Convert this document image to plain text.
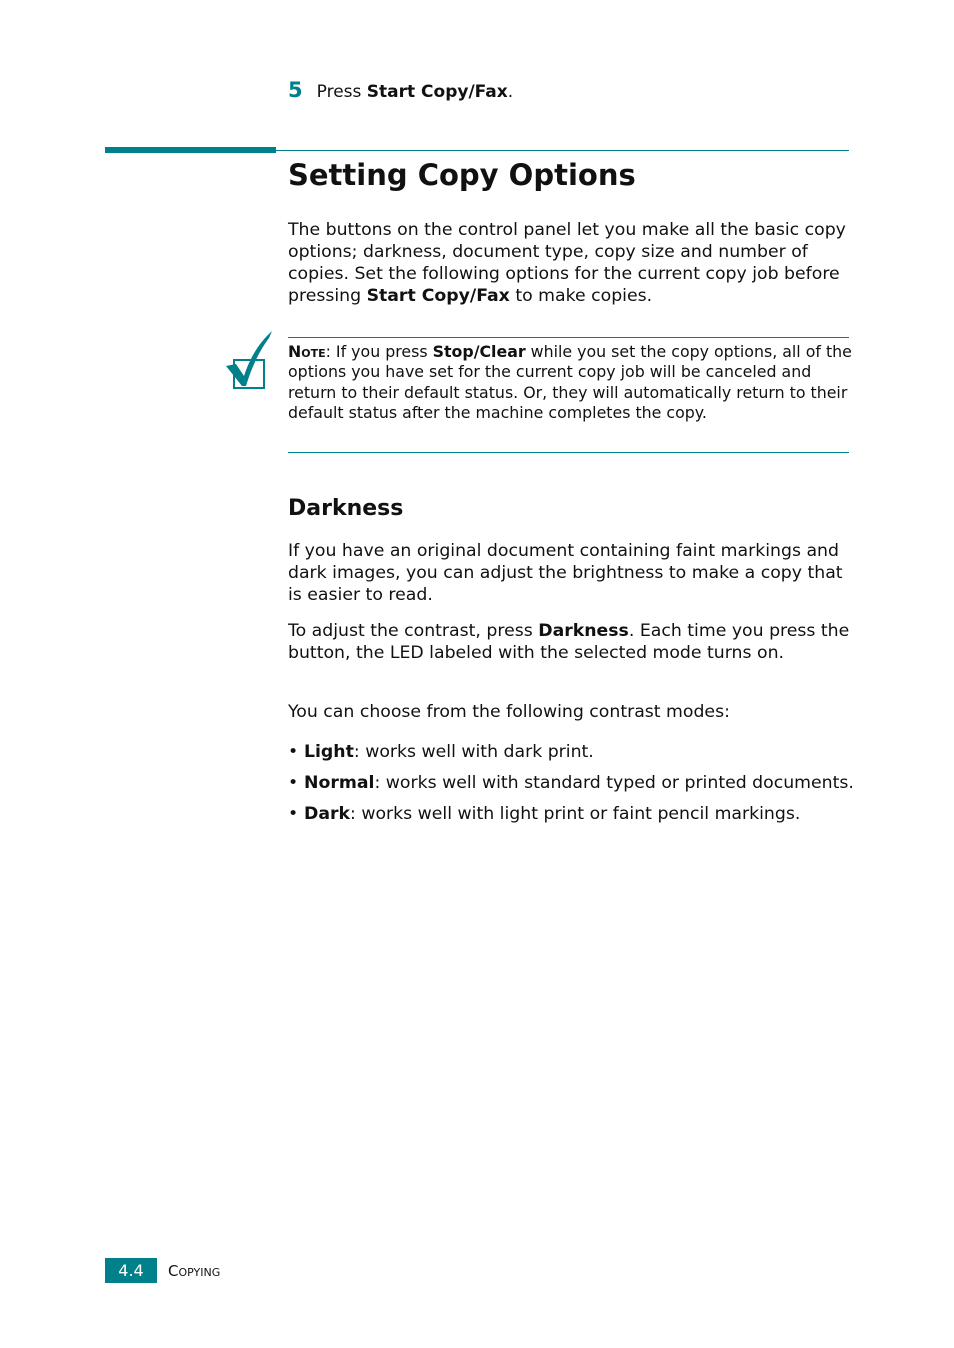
5 Press Start Copy/Fax.
Setting Copy Options

The buttons on the control panel let you make all the basic copy options; darkness, document type, copy size and number of copies. Set the following options for the current copy job before pressing Start Copy/Fax to make copies.

Note: If you press Stop/Clear while you set the copy options, all of the options you have set for the current copy job will be canceled and return to their default status. Or, they will automatically return to their default status after the machine completes the copy.

Darkness

If you have an original document containing faint markings and dark images, you can adjust the brightness to make a copy that is easier to read.

To adjust the contrast, press Darkness. Each time you press the button, the LED labeled with the selected mode turns on.

You can choose from the following contrast modes:

• Light: works well with dark print.
• Normal: works well with standard typed or printed documents.
• Dark: works well with light print or faint pencil markings.
4.4	Copying
